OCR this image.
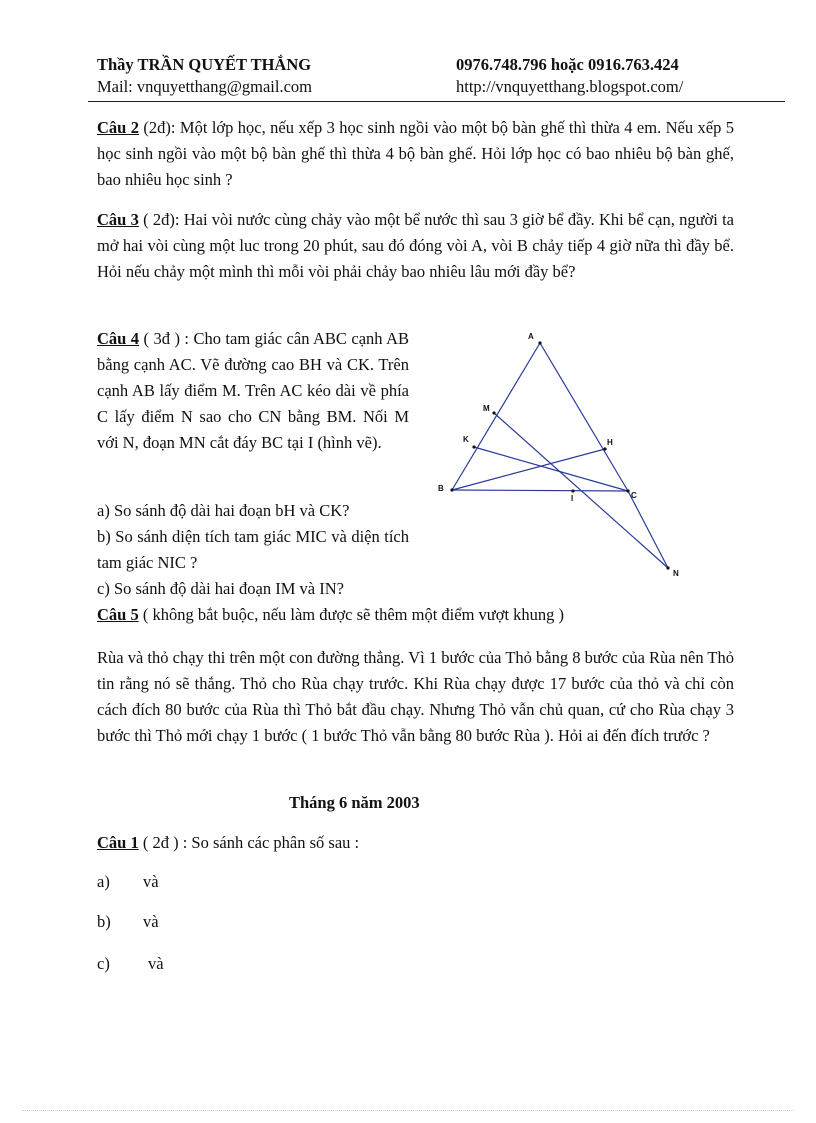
Thầy TRẦN QUYẾT THẮNG
Mail: vnquyetthang@gmail.com
0976.748.796 hoặc 0916.763.424
http://vnquyetthang.blogspot.com/
Câu 2 (2đ): Một lớp học, nếu xếp 3 học sinh ngồi vào một bộ bàn ghế thì thừa 4 em. Nếu xếp 5 học sinh ngồi vào một bộ bàn ghế thì thừa 4 bộ bàn ghế. Hỏi lớp học có bao nhiêu bộ bàn ghế, bao nhiêu học sinh ?
Câu 3 ( 2đ): Hai vòi nước cùng chảy vào một bể nước thì sau 3 giờ bể đầy. Khi bể cạn, người ta mở hai vòi cùng một luc trong 20 phút, sau đó đóng vòi A, vòi B chảy tiếp 4 giờ nữa thì đầy bể. Hỏi nếu chảy một mình thì mỗi vòi phải chảy bao nhiêu lâu mới đầy bể?
Câu 4 ( 3đ ) : Cho tam giác cân ABC cạnh AB bằng cạnh AC. Vẽ đường cao BH và CK. Trên cạnh AB lấy điểm M. Trên AC kéo dài về phía C lấy điểm N sao cho CN bằng BM. Nối M với N, đoạn MN cắt đáy BC tại I (hình vẽ).
a) So sánh độ dài hai đoạn bH và CK?
b) So sánh diện tích tam giác MIC và diện tích tam giác NIC ?
c) So sánh độ dài hai đoạn IM và IN?
A
M
K	H
B
I	C
N
Câu 5 ( không bắt buộc, nếu làm được sẽ thêm một điểm vượt khung )
Rùa và thỏ chạy thi trên một con đường thẳng. Vì 1 bước của Thỏ bằng 8 bước của Rùa nên Thỏ tin rằng nó sẽ thắng. Thỏ cho Rùa chạy trước. Khi Rùa chạy được 17 bước của thỏ và chỉ còn cách đích 80 bước của Rùa thì Thỏ bắt đầu chạy. Nhưng Thỏ vẫn chủ quan, cứ cho Rùa chạy 3 bước thì Thỏ mới chạy 1 bước ( 1 bước Thỏ vẫn bằng 80 bước Rùa ). Hỏi ai đến đích trước ?
Tháng 6 năm 2003
Câu 1 ( 2đ ) : So sánh các phân số sau :
a) và
b) và
c) và
